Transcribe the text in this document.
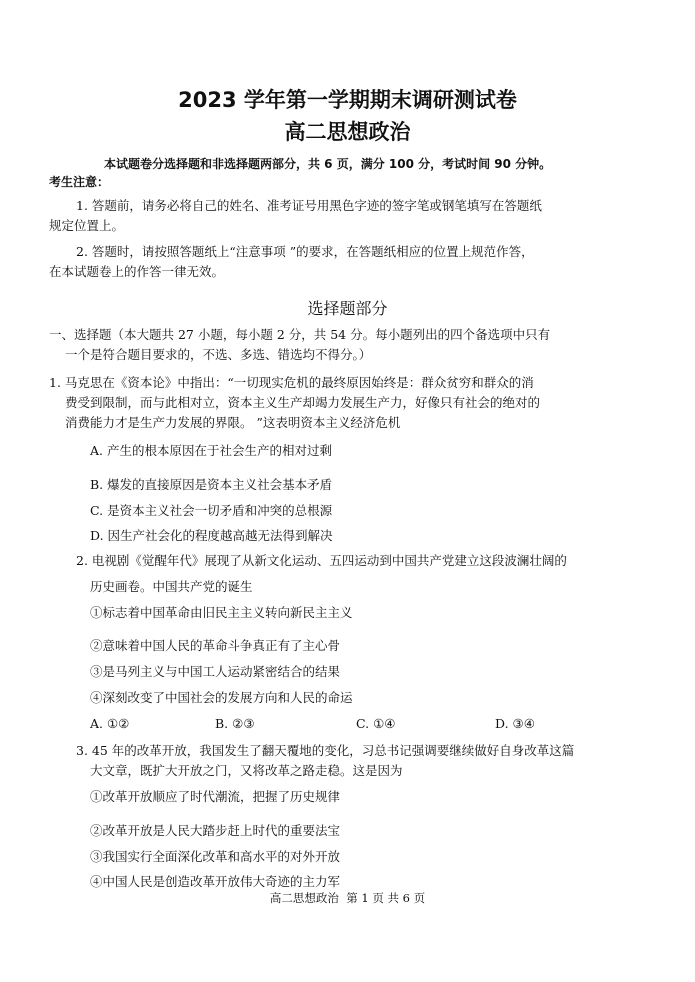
2023 学年第一学期期末调研测试卷
高二思想政治
本试题卷分选择题和非选择题两部分，共 6 页，满分 100 分，考试时间 90 分钟。
考生注意：
1. 答题前，请务必将自己的姓名、准考证号用黑色字迹的签字笔或钢笔填写在答题纸
规定位置上。
2. 答题时，请按照答题纸上“注意事项 ”的要求，在答题纸相应的位置上规范作答，
在本试题卷上的作答一律无效。
选择题部分
一、选择题（本大题共 27 小题，每小题 2 分，共 54 分。每小题列出的四个备选项中只有
一个是符合题目要求的，不选、多选、错选均不得分。）
1. 马克思在《资本论》中指出：“一切现实危机的最终原因始终是：群众贫穷和群众的消
费受到限制，而与此相对立，资本主义生产却竭力发展生产力，好像只有社会的绝对的
消费能力才是生产力发展的界限。 ”这表明资本主义经济危机
A. 产生的根本原因在于社会生产的相对过剩
B. 爆发的直接原因是资本主义社会基本矛盾
C. 是资本主义社会一切矛盾和冲突的总根源
D. 因生产社会化的程度越高越无法得到解决
2. 电视剧《觉醒年代》展现了从新文化运动、五四运动到中国共产党建立这段波澜壮阔的
历史画卷。中国共产党的诞生
①标志着中国革命由旧民主主义转向新民主主义
②意味着中国人民的革命斗争真正有了主心骨
③是马列主义与中国工人运动紧密结合的结果
④深刻改变了中国社会的发展方向和人民的命运
A. ①②	B. ②③	C. ①④	D. ③④
3. 45 年的改革开放，我国发生了翻天覆地的变化，习总书记强调要继续做好自身改革这篇
大文章，既扩大开放之门，又将改革之路走稳。这是因为
①改革开放顺应了时代潮流，把握了历史规律
②改革开放是人民大踏步赶上时代的重要法宝
③我国实行全面深化改革和高水平的对外开放
④中国人民是创造改革开放伟大奇迹的主力军
高二思想政治 第 1 页 共 6 页
